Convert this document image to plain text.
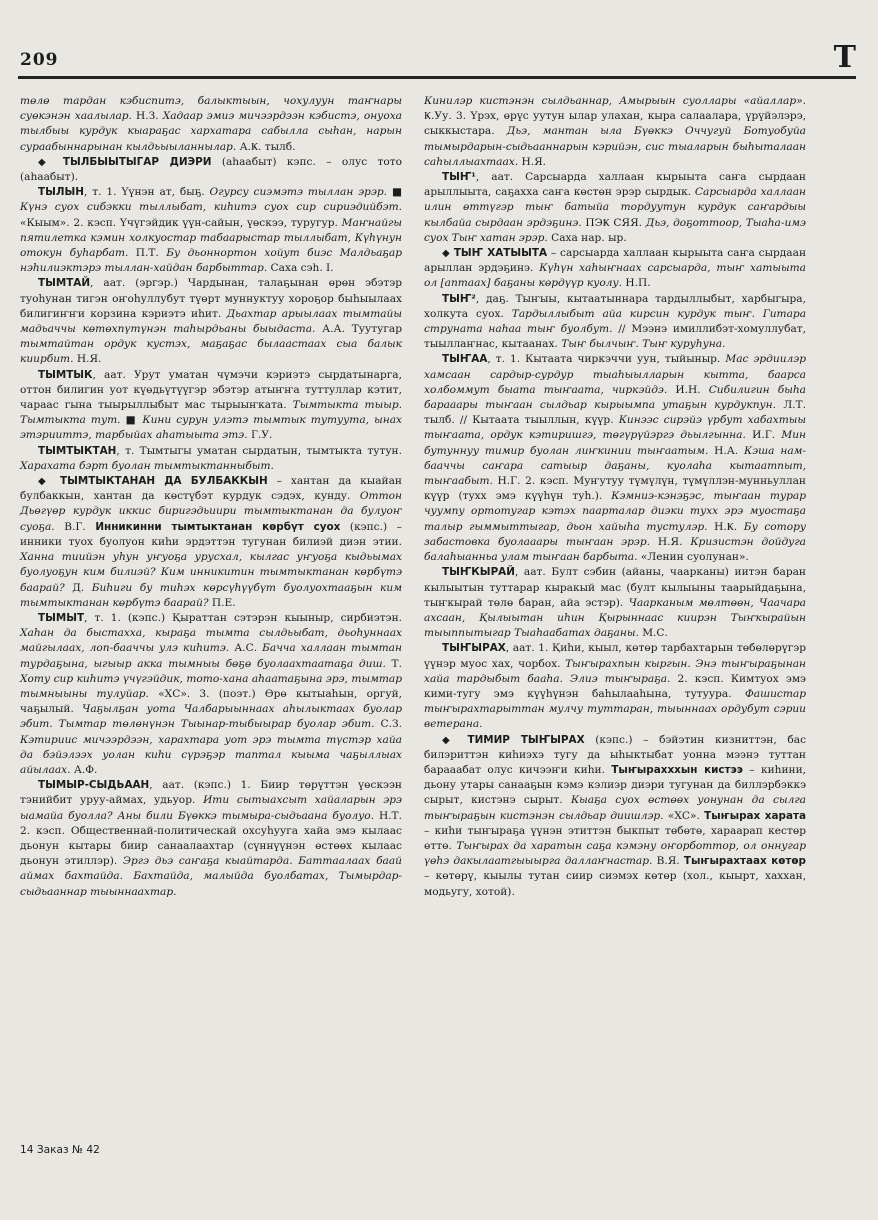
209	Т

төлө тардан кэбиспитэ, балыктыын, чохулуун таҥнары суөкэнэн хаалылар. Н.З. Хадаар эмиэ мичээрдээн кэбистэ, онуоха тылбыы курдук кыараҕас хархатара сабылла сыһан, нарын сураабыннарынан кылдьыыланнылар. А.Ҝ. тылб.

◆ ТЫЛБЫЫТЫГАР ДИЭРИ (аhаабыт) кэпс. – олус тото (аhаабыт).

ТЫЛЫН, т. 1. Үүнэн ат, быҕ. Огурсу сиэмэтэ тыллан эрэр. ■ Күнэ суох сибэкки тыллыбат, киһитэ суох сир сириэдийбэт. «Кыым». 2. кэсп. Үчүгэйдик үүн-сайын, үөскээ, туругур. Маҥнайгы пятилетка кэмин холкуостар табаарыстар тыллыбат, Күһүнун отокун буһарбат. П.Т. Бу дьоннортон хойут биэс Малдьаҕар нэһилиэктэрэ тыллан-хайдан барбыттар. Саха сэh. I.

ТЫМТАЙ, аат. (эргэр.) Чардынан, талаҕынан өрөн эбэтэр туоһунан тигэн оҥоһуллубут түөрт муннуктуу хороҕор быһыылаах билигиҥҥи корзина кэриэтэ иһит. Дьахтар арыылаах тымтайы мадьаччы көтөхпүтүнэн таһырдьаны быыдаста. А.А. Туутугар тымтайтан ордук кустэх, маҕаҕас былаастаах сыа балык киирбит. Н.Я.

ТЫМТЫК, аат. Урут уматан чүмэчи кэриэтэ сырдатынарга, оттон билигин уот күөдьүтүүгэр эбэтэр атыҥҥа туттуллар кэтит, чараас гына тыырыллыбыт мас тырыыҥката. Тымтыкта тыыр. Тымтыкта тут. ■ Кини сурун улэтэ тымтык тутуута, ынах этэрииттэ, тарбыйах аһатыыта этэ. Г.У.

ТЫМТЫКТАН, т. Тымтыгы уматан сырдатын, тымтыкта тутун. Харахата бэрт буолан тымтыктанныбыт.

◆ ТЫМТЫКТАНАН ДА БУЛБАККЫН – хантан да кыайан булбаккын, хантан да көстүбэт курдук сэдэх, кунду. Оттон Дьөгүөр курдук иккис биригэдьиири тымтыктанан да булуоҥ суоҕа. В.Г. Инникинни тымтыктанан көрбүт суох (кэпс.) – инники туох буолуон киһи эрдэттэн тугунан билиэй диэн этии. Ханна тиийэн уһун уҥуоҕа урусхал, кылгас уҥуоҕа кыдьымах буолуоҕун ким билиэй? Ким инникитин тымтыктанан көрбүтэ баарай? Д. Биһиги бу тиһэх көрсүһүүбүт буолуохтааҕын ким тымтыктанан көрбүтэ баарай? П.Е.

ТЫМЫТ, т. 1. (кэпс.) Қыраттан сэтэрэн кыыныр, сирбиэтэн. Хаһан да быстахха, кыраҕа тымта сылдьыбат, дьоһуннаах майгылаах, лоп-бааччы улэ киһитэ. А.С. Бачча халлаан тымтан турдаҕына, ыгыыр акка тымныы бөҕө буолаахтаатаҕа диш. Т. Хоту сир киһитэ үчүгэйдик, тото-хана аһаатаҕына эрэ, тымтар тымныыны тулуйар. «ХС». 3. (поэт.) Өрө кытыаһын, оргуй, чаҕылый. Чаҕылҕан уота Чалбарыыннаах аһылыктаах буолар эбит. Тымтар төлөнүнэн Тыынар-тыбыырар буолар эбит. С.З. Кэтириис мичээрдээн, харахтара уот эрэ тымта түстэр хайа да бэйэлээх уолан киһи сүрэҕэр таптал кыыма чаҕыллыах айылаах. А.Ф.

ТЫМЫР-СЫДЬААН, аат. (кэпс.) 1. Биир төрүттэн үөскээн тэнийбит уруу-аймах, удьуор. Ити сытыахсыт хайаларын эрэ ыамайа буолла? Аны били Бүөккэ тымыра-сыдьаана буолуо. Н.Т. 2. кэсп. Общественнай-политическай охсуһууга хайа эмэ кылаас дьонун кытары биир санаалаахтар (сүннүүнэн өстөөх кылаас дьонун этиллэр). Эргэ дьэ саҥаҕа кыайтарда. Баттаалаах баай аймах бахтайда. Бахтайда, малыйда буолбатах, Тымырдар-сыдьааннар тыыннаахтар.

Кинилэр кистэнэн сылдьаннар, Амырыын суоллары «айаллар». Ҝ.Уу. 3. Үрэх, өрүс уутун ылар улахан, кыра салаалара, үрүйэлэрэ, сыккыстара. Дьэ, мантан ыла Бүөккэ Оччугуй Ботуобуйа тымырдарын-сыдьааннарын кэрийэн, сис тыаларын быһыталаан саһыллыахтаах. Н.Я.

ТЫҤ¹, аат. Сарсыарда халлаан кырыыта саҥа сырдаан арыллыыта, саҕахха саҥа көстөн эрэр сырдык. Сарсыарда халлаан илин өттүгэр тыҥ батыйа тордуутун курдук саҥардыы кылбайа сырдаан эрдэҕинэ. ПЭҜ СЯЯ. Дьэ, доҕоттоор, Тыаһа-имэ суох Тыҥ хатан эрэр. Саха нар. ыр.

◆ ТЫҤ ХАТЫЫТА – сарсыарда халлаан кырыыта саҥа сырдаан арыллан эрдэҕинэ. Күһүн хаһыҥнаах сарсыарда, тыҥ хатыыта ол [аптаах] баҕаны көрдүүр куолу. Н.П.

ТЫҤ², даҕ. Тыҥыы, кытаатыннара тардыллыбыт, харбыгыра, холкута суох. Тардыллыбыт айа кирсин курдук тыҥ. Гитара струната наһаа тыҥ буолбут. // Мээнэ имиллибэт-хомуллубат, тыыллаҥнас, кытаанах. Тыҥ былчыҥ. Тыҥ куруһуна.

ТЫҤАА, т. 1. Кытаата чиркэччи уун, тыйыныр. Мас эрдиилэр хамсаан сардыр-сурдур тыаһыылларын кытта, баарса холбоммут быата тыҥаата, чиркэйдэ. И.Н. Сибилигин быһа барааары тыҥаан сылдьар кырыымпа утаҕын курдукпун. Л.Т. тылб. // Кытаата тыыллын, күүр. Кинээс сирэйэ үрбут хабахтыы тыҥаата, ордук кэтиришгэ, төгүрүйэргэ дьылгынна. И.Г. Мин бутуннуу тимир буолан лиҥкинии тыҥаатым. Н.А. Кэша нам-бааччы саҥара сатыыр даҕаны, куолаһа кытаатпыт, тыҥаабыт. Н.Г. 2. кэсп. Муҥутуу түмүлүн, түмүллэн-мунньуллан күүр (тухх эмэ күүһүн туһ.). Кэмниэ-кэнэҕэс, тыҥаан турар чуумпу ортотугар кэтэх паарталар диэки тухх эрэ муостаҕа талыр гыммыттыгар, дьон хайыһа тустулэр. Н.Ҝ. Бу сотору забастовка буолааары тыҥаан эрэр. Н.Я. Кризистэн дойдуга балаһыанньа улам тыҥаан барбыта. «Ленин суолунан».

ТЫҤКЫРАЙ, аат. Булт сэбин (айаны, чаарканы) иитэн баран кылыытын туттарар кыракый мас (булт кылыыны таарыйдаҕына, тыҥкырай төлө баран, айа эстэр). Чаарканым мөлтөөн, Чаачара ахсаан, Қылыытан иһин Қырыннаас киирэн Тыҥкырайын тыыппытыгар Тыаһаабатах даҕаны. М.С.

ТЫҤЫРАХ, аат. 1. Қиһи, кыыл, көтөр тарбахтарын төбөлөрүгэр үүнэр муос хах, чорбох. Тыҥырахпын кыргын. Энэ тыҥыраҕынан хайа тардыбыт бааһа. Элиэ тыҥыраҕа. 2. кэсп. Кимтуох эмэ кими-тугу эмэ күүһүнэн баһылааһына, тутуура. Фашистар тыҥырахтарыттан мулчу туттаран, тыыннаах ордубут сэрии ветерана.

◆ ТИМИР ТЫҤЫРАХ (кэпс.) – бэйэтин кизниттэн, бас билэриттэн киһиэхэ тугу да ыһыктыбат уонна мээнэ туттан барааабат олус кичээҥи киһи. Тыҥырахххын кистээ – киһини, дьону утары санааҕын кэмэ кэлиэр диэри тугунан да биллэрбэккэ сырыт, кистэнэ сырыт. Кыаҕа суох өстөөх уонунан да сылга тыҥыраҕын кистэнэн сылдьар диишлэр. «ХС». Тыҥырах харата – киһи тыҥыраҕа үүнэн этиттэн быкпыт төбөтө, хараарап кестөр өттө. Тыҥырах да харатын саҕа кэмэну оҥорботтор, ол оннугар үөһэ дакылаатгыыырга даллаҥнастар. В.Я. Тыҥырахтаах көтөр – көтөрү, кыылы тутан сиир сиэмэх көтөр (хол., кыырт, хаххан, модьугу, хотой).

14 Заказ № 42
